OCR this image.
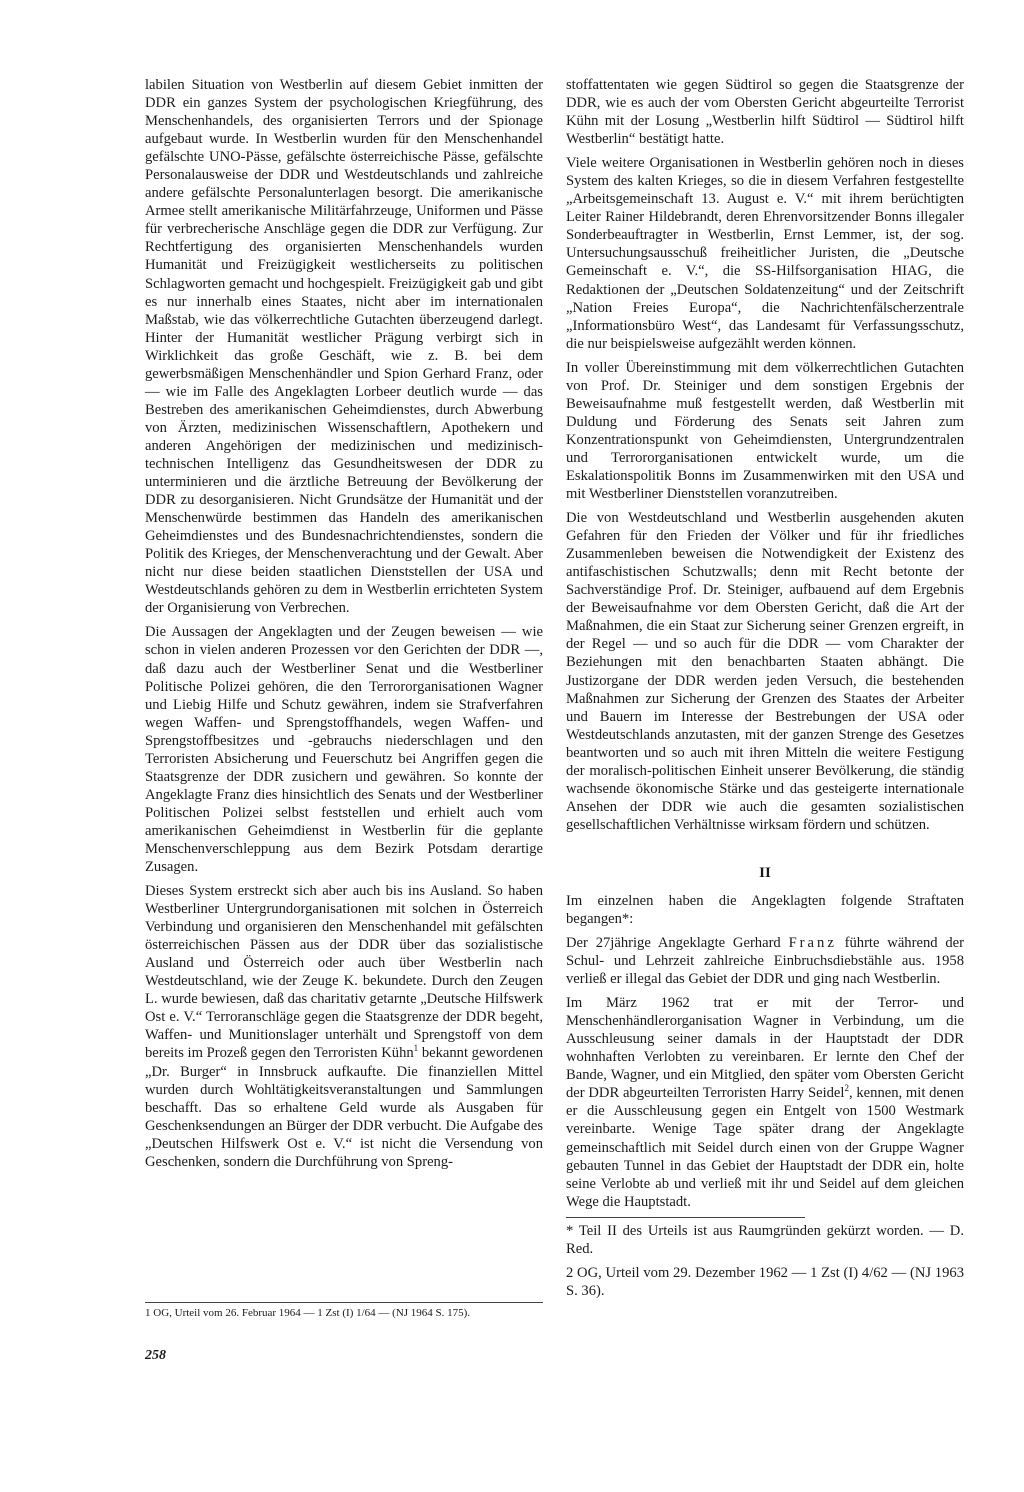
labilen Situation von Westberlin auf diesem Gebiet inmitten der DDR ein ganzes System der psychologischen Kriegführung, des Menschenhandels, des organisierten Terrors und der Spionage aufgebaut wurde. In Westberlin wurden für den Menschenhandel gefälschte UNO-Pässe, gefälschte österreichische Pässe, gefälschte Personalausweise der DDR und Westdeutschlands und zahlreiche andere gefälschte Personalunterlagen besorgt. Die amerikanische Armee stellt amerikanische Militärfahrzeuge, Uniformen und Pässe für verbrecherische Anschläge gegen die DDR zur Verfügung. Zur Rechtfertigung des organisierten Menschenhandels wurden Humanität und Freizügigkeit westlicherseits zu politischen Schlagworten gemacht und hochgespielt. Freizügigkeit gab und gibt es nur innerhalb eines Staates, nicht aber im internationalen Maßstab, wie das völkerrechtliche Gutachten überzeugend darlegt. Hinter der Humanität westlicher Prägung verbirgt sich in Wirklichkeit das große Geschäft, wie z. B. bei dem gewerbsmäßigen Menschenhändler und Spion Gerhard Franz, oder — wie im Falle des Angeklagten Lorbeer deutlich wurde — das Bestreben des amerikanischen Geheimdienstes, durch Abwerbung von Ärzten, medizinischen Wissenschaftlern, Apothekern und anderen Angehörigen der medizinischen und medizinisch-technischen Intelligenz das Gesundheitswesen der DDR zu unterminieren und die ärztliche Betreuung der Bevölkerung der DDR zu desorganisieren. Nicht Grundsätze der Humanität und der Menschenwürde bestimmen das Handeln des amerikanischen Geheimdienstes und des Bundesnachrichtendienstes, sondern die Politik des Krieges, der Menschenverachtung und der Gewalt. Aber nicht nur diese beiden staatlichen Dienststellen der USA und Westdeutschlands gehören zu dem in Westberlin errichteten System der Organisierung von Verbrechen.

Die Aussagen der Angeklagten und der Zeugen beweisen — wie schon in vielen anderen Prozessen vor den Gerichten der DDR —, daß dazu auch der Westberliner Senat und die Westberliner Politische Polizei gehören, die den Terrororganisationen Wagner und Liebig Hilfe und Schutz gewähren, indem sie Strafverfahren wegen Waffen- und Sprengstoffhandels, wegen Waffen- und Sprengstoffbesitzes und -gebrauchs niederschlagen und den Terroristen Absicherung und Feuerschutz bei Angriffen gegen die Staatsgrenze der DDR zusichern und gewähren. So konnte der Angeklagte Franz dies hinsichtlich des Senats und der Westberliner Politischen Polizei selbst feststellen und erhielt auch vom amerikanischen Geheimdienst in Westberlin für die geplante Menschenverschleppung aus dem Bezirk Potsdam derartige Zusagen.

Dieses System erstreckt sich aber auch bis ins Ausland. So haben Westberliner Untergrundorganisationen mit solchen in Österreich Verbindung und organisieren den Menschenhandel mit gefälschten österreichischen Pässen aus der DDR über das sozialistische Ausland und Österreich oder auch über Westberlin nach Westdeutschland, wie der Zeuge K. bekundete. Durch den Zeugen L. wurde bewiesen, daß das charitativ getarnte „Deutsche Hilfswerk Ost e. V.“ Terroranschläge gegen die Staatsgrenze der DDR begeht, Waffen- und Munitionslager unterhält und Sprengstoff von dem bereits im Prozeß gegen den Terroristen Kühn$^1$ bekannt gewordenen „Dr. Burger“ in Innsbruck aufkaufte. Die finanziellen Mittel wurden durch Wohltätigkeitsveranstaltungen und Sammlungen beschafft. Das so erhaltene Geld wurde als Ausgaben für Geschenksendungen an Bürger der DDR verbucht. Die Aufgabe des „Deutschen Hilfswerk Ost e. V.“ ist nicht die Versendung von Geschenken, sondern die Durchführung von Spreng-

1 OG, Urteil vom 26. Februar 1964 — 1 Zst (I) 1/64 — (NJ 1964 S. 175).

stoffattentaten wie gegen Südtirol so gegen die Staatsgrenze der DDR, wie es auch der vom Obersten Gericht abgeurteilte Terrorist Kühn mit der Losung „Westberlin hilft Südtirol — Südtirol hilft Westberlin“ bestätigt hatte.

Viele weitere Organisationen in Westberlin gehören noch in dieses System des kalten Krieges, so die in diesem Verfahren festgestellte „Arbeitsgemeinschaft 13. August e. V.“ mit ihrem berüchtigten Leiter Rainer Hildebrandt, deren Ehrenvorsitzender Bonns illegaler Sonderbeauftragter in Westberlin, Ernst Lemmer, ist, der sog. Untersuchungsausschuß freiheitlicher Juristen, die „Deutsche Gemeinschaft e. V.“, die SS-Hilfsorganisation HIAG, die Redaktionen der „Deutschen Soldatenzeitung“ und der Zeitschrift „Nation Freies Europa“, die Nachrichtenfälscherzentrale „Informationsbüro West“, das Landesamt für Verfassungsschutz, die nur beispielsweise aufgezählt werden können.

In voller Übereinstimmung mit dem völkerrechtlichen Gutachten von Prof. Dr. Steiniger und dem sonstigen Ergebnis der Beweisaufnahme muß festgestellt werden, daß Westberlin mit Duldung und Förderung des Senats seit Jahren zum Konzentrationspunkt von Geheimdiensten, Untergrundzentralen und Terrororganisationen entwickelt wurde, um die Eskalationspolitik Bonns im Zusammenwirken mit den USA und mit Westberliner Dienststellen voranzutreiben.

Die von Westdeutschland und Westberlin ausgehenden akuten Gefahren für den Frieden der Völker und für ihr friedliches Zusammenleben beweisen die Notwendigkeit der Existenz des antifaschistischen Schutzwalls; denn mit Recht betonte der Sachverständige Prof. Dr. Steiniger, aufbauend auf dem Ergebnis der Beweisaufnahme vor dem Obersten Gericht, daß die Art der Maßnahmen, die ein Staat zur Sicherung seiner Grenzen ergreift, in der Regel — und so auch für die DDR — vom Charakter der Beziehungen mit den benachbarten Staaten abhängt. Die Justizorgane der DDR werden jeden Versuch, die bestehenden Maßnahmen zur Sicherung der Grenzen des Staates der Arbeiter und Bauern im Interesse der Bestrebungen der USA oder Westdeutschlands anzutasten, mit der ganzen Strenge des Gesetzes beantworten und so auch mit ihren Mitteln die weitere Festigung der moralisch-politischen Einheit unserer Bevölkerung, die ständig wachsende ökonomische Stärke und das gesteigerte internationale Ansehen der DDR wie auch die gesamten sozialistischen gesellschaftlichen Verhältnisse wirksam fördern und schützen.

II

Im einzelnen haben die Angeklagten folgende Straftaten begangen*:

Der 27jährige Angeklagte Gerhard Franz führte während der Schul- und Lehrzeit zahlreiche Einbruchsdiebstähle aus. 1958 verließ er illegal das Gebiet der DDR und ging nach Westberlin.

Im März 1962 trat er mit der Terror- und Menschenhändlerorganisation Wagner in Verbindung, um die Ausschleusung seiner damals in der Hauptstadt der DDR wohnhaften Verlobten zu vereinbaren. Er lernte den Chef der Bande, Wagner, und ein Mitglied, den später vom Obersten Gericht der DDR abgeurteilten Terroristen Harry Seidel$^2$, kennen, mit denen er die Ausschleusung gegen ein Entgelt von 1500 Westmark vereinbarte. Wenige Tage später drang der Angeklagte gemeinschaftlich mit Seidel durch einen von der Gruppe Wagner gebauten Tunnel in das Gebiet der Hauptstadt der DDR ein, holte seine Verlobte ab und verließ mit ihr und Seidel auf dem gleichen Wege die Hauptstadt.

* Teil II des Urteils ist aus Raumgründen gekürzt worden. — D. Red.

2 OG, Urteil vom 29. Dezember 1962 — 1 Zst (I) 4/62 — (NJ 1963 S. 36).

258
